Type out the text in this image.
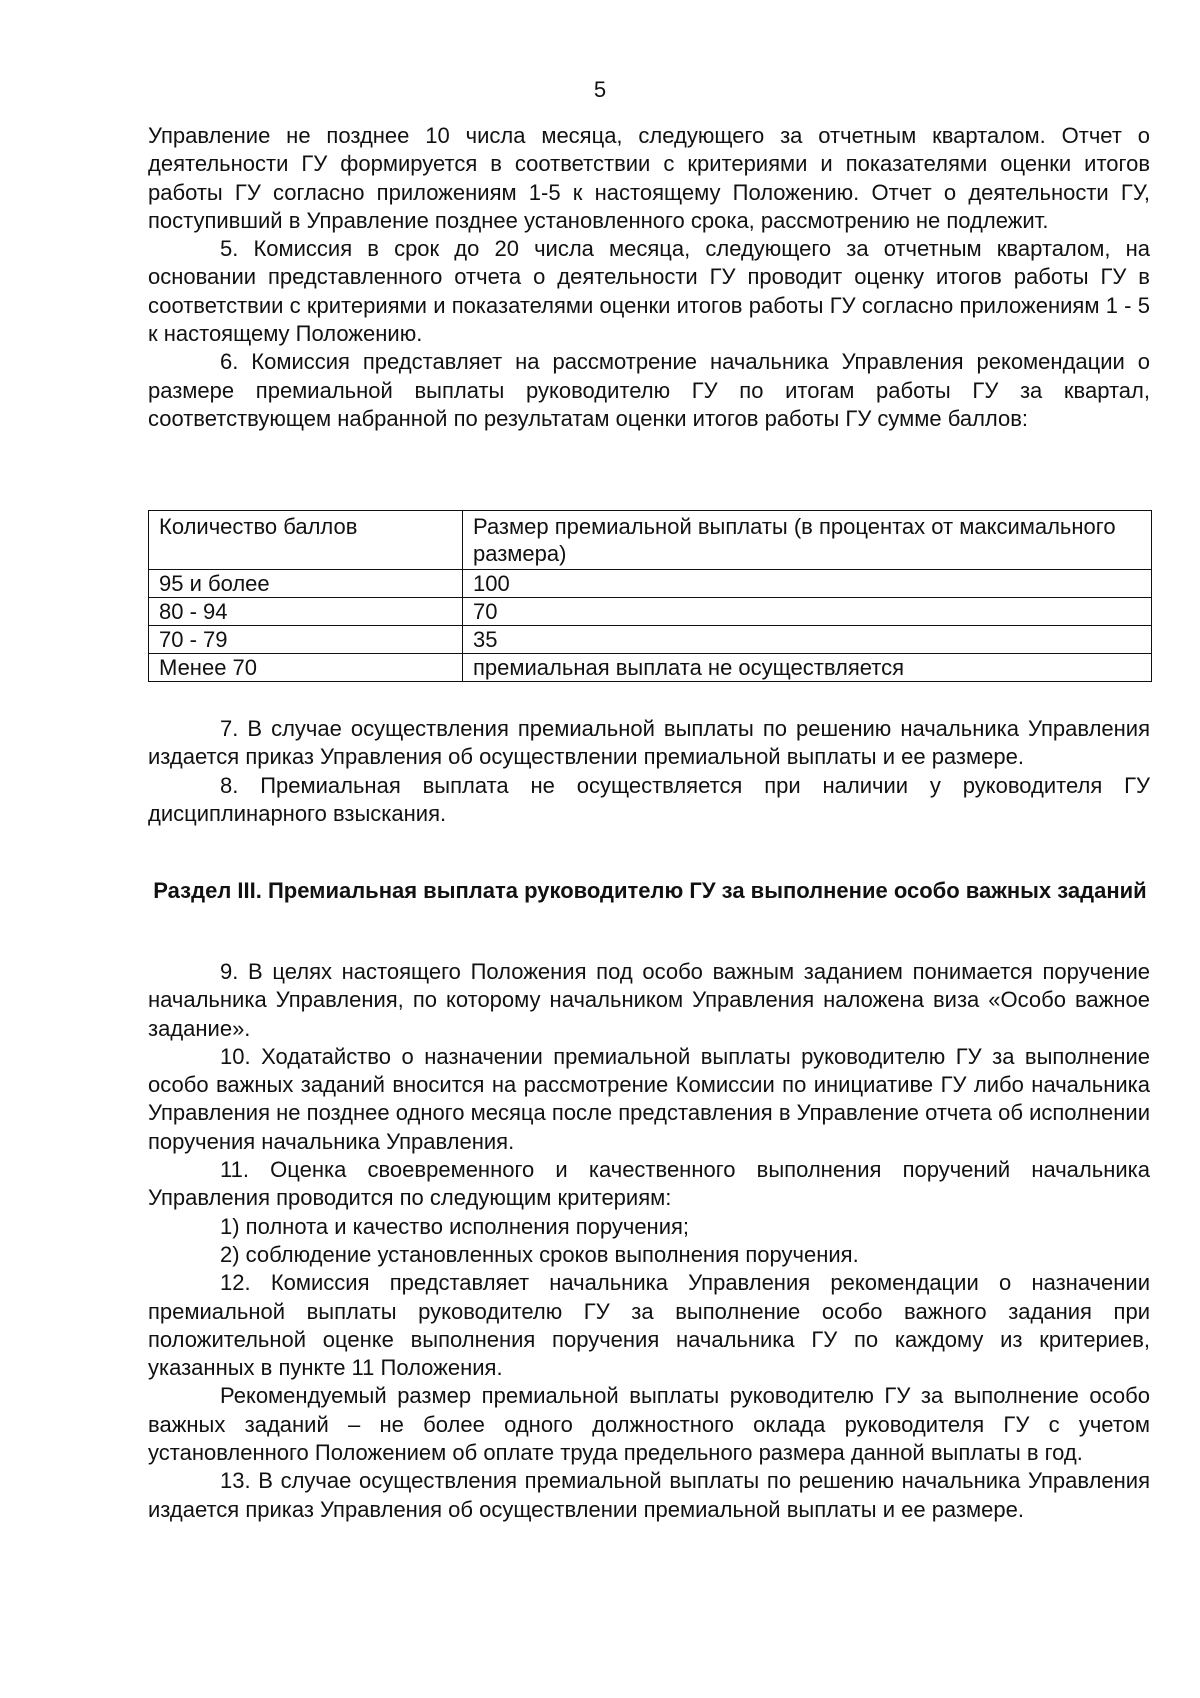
5

Управление не позднее 10 числа месяца, следующего за отчетным кварталом. Отчет о деятельности ГУ формируется в соответствии с критериями и показателями оценки итогов работы ГУ согласно приложениям 1-5 к настоящему Положению. Отчет о деятельности ГУ, поступивший в Управление позднее установленного срока, рассмотрению не подлежит.

5. Комиссия в срок до 20 числа месяца, следующего за отчетным кварталом, на основании представленного отчета о деятельности ГУ проводит оценку итогов работы ГУ в соответствии с критериями и показателями оценки итогов работы ГУ согласно приложениям 1 - 5 к настоящему Положению.

6. Комиссия представляет на рассмотрение начальника Управления рекомендации о размере премиальной выплаты руководителю ГУ по итогам работы ГУ за квартал, соответствующем набранной по результатам оценки итогов работы ГУ сумме баллов:

Количество баллов	Размер премиальной выплаты (в процентах от максимального размера)
95 и более	100
80 - 94	70
70 - 79	35
Менее 70	премиальная выплата не осуществляется

7. В случае осуществления премиальной выплаты по решению начальника Управления издается приказ Управления об осуществлении премиальной выплаты и ее размере.

8. Премиальная выплата не осуществляется при наличии у руководителя ГУ дисциплинарного взыскания.

Раздел III. Премиальная выплата руководителю ГУ за выполнение особо важных заданий

9. В целях настоящего Положения под особо важным заданием понимается поручение начальника Управления, по которому начальником Управления наложена виза «Особо важное задание».

10. Ходатайство о назначении премиальной выплаты руководителю ГУ за выполнение особо важных заданий вносится на рассмотрение Комиссии по инициативе ГУ либо начальника Управления не позднее одного месяца после представления в Управление отчета об исполнении поручения начальника Управления.

11. Оценка своевременного и качественного выполнения поручений начальника Управления проводится по следующим критериям:

1) полнота и качество исполнения поручения;

2) соблюдение установленных сроков выполнения поручения.

12. Комиссия представляет начальника Управления рекомендации о назначении премиальной выплаты руководителю ГУ за выполнение особо важного задания при положительной оценке выполнения поручения начальника ГУ по каждому из критериев, указанных в пункте 11 Положения.

Рекомендуемый размер премиальной выплаты руководителю ГУ за выполнение особо важных заданий – не более одного должностного оклада руководителя ГУ с учетом установленного Положением об оплате труда предельного размера данной выплаты в год.

13. В случае осуществления премиальной выплаты по решению начальника Управления издается приказ Управления об осуществлении премиальной выплаты и ее размере.
